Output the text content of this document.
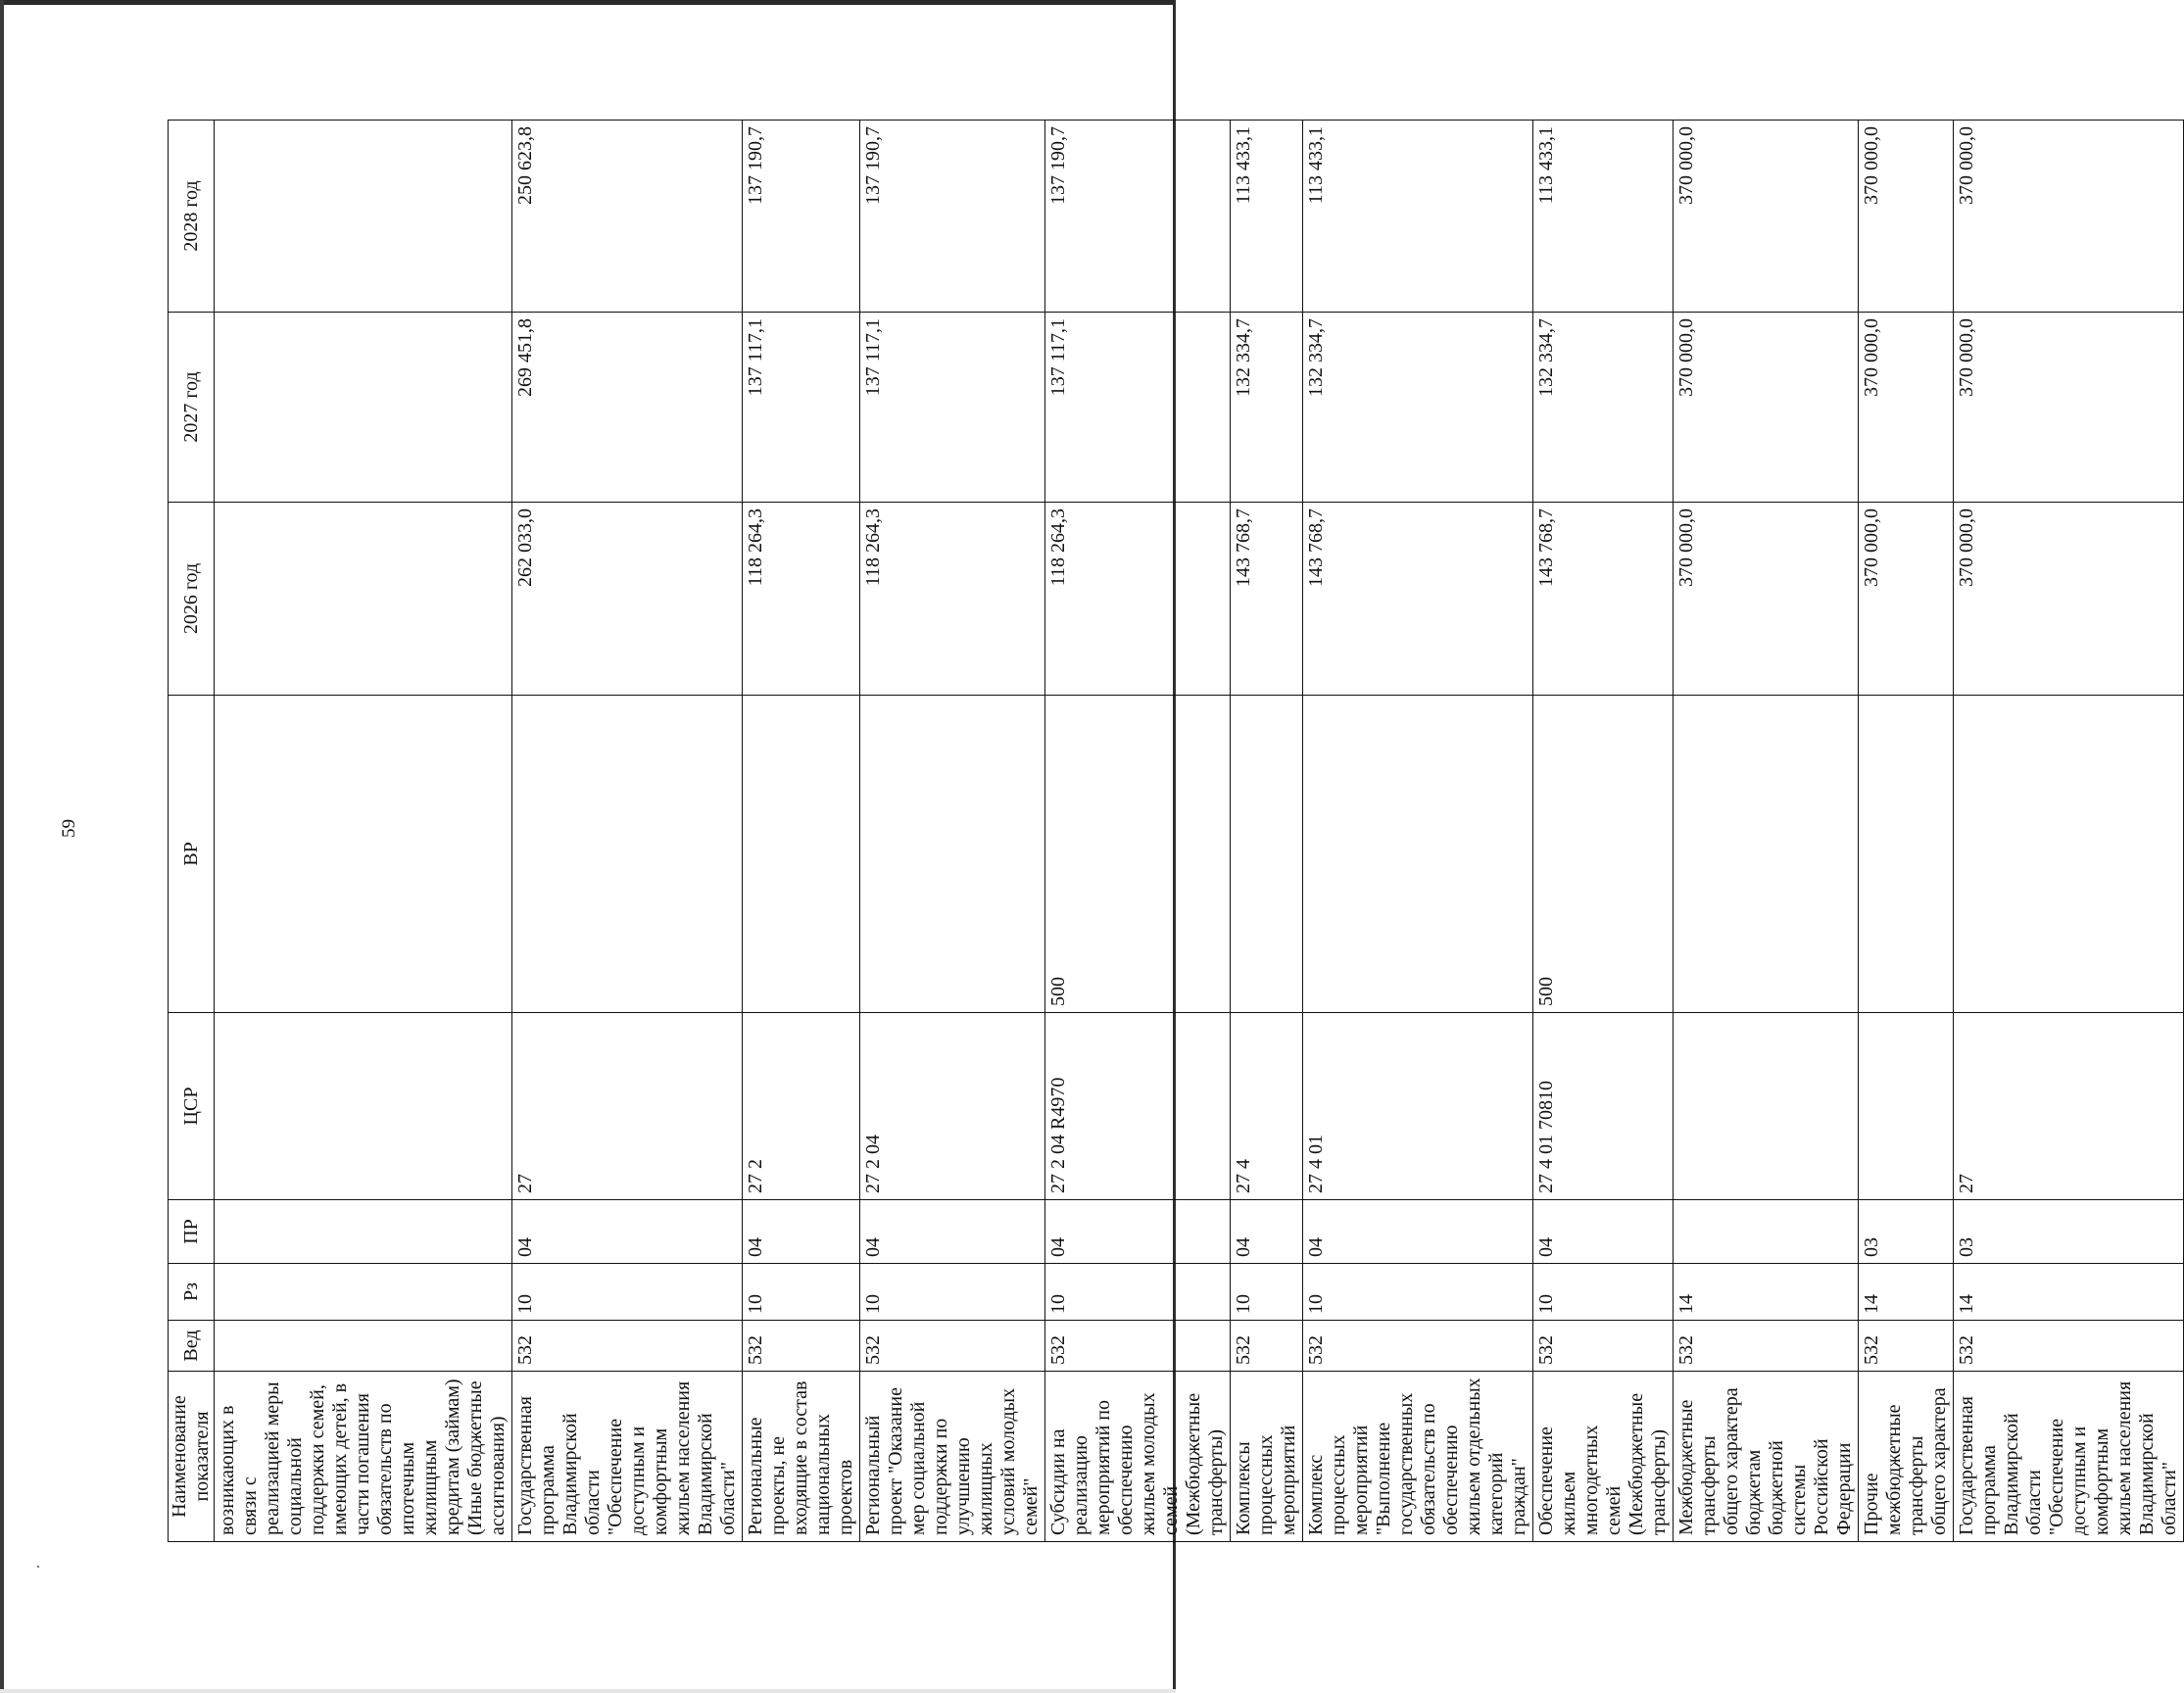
59
Наименование показателя	Вед	Рз	ПР	ЦСР	ВР	2026 год	2027 год	2028 год
возникающих в связи с реализацией меры социальной поддержки семей, имеющих детей, в части погашения обязательств по ипотечным жилищным кредитам (займам) (Иные бюджетные ассигнования)								
Государственная программа Владимирской области "Обеспечение доступным и комфортным жильем населения Владимирской области"	532	10	04	27		262 033,0	269 451,8	250 623,8
Региональные проекты, не входящие в состав национальных проектов	532	10	04	27 2		118 264,3	137 117,1	137 190,7
Региональный проект "Оказание мер социальной поддержки по улучшению жилищных условий молодых семей"	532	10	04	27 2 04		118 264,3	137 117,1	137 190,7
Субсидии на реализацию мероприятий по обеспечению жильем молодых семей (Межбюджетные трансферты)	532	10	04	27 2 04 R4970	500	118 264,3	137 117,1	137 190,7
Комплексы процессных мероприятий	532	10	04	27 4		143 768,7	132 334,7	113 433,1
Комплекс процессных мероприятий "Выполнение государственных обязательств по обеспечению жильем отдельных категорий граждан"	532	10	04	27 4 01		143 768,7	132 334,7	113 433,1
Обеспечение жильем многодетных семей (Межбюджетные трансферты)	532	10	04	27 4 01 70810	500	143 768,7	132 334,7	113 433,1
Межбюджетные трансферты общего характера бюджетам бюджетной системы Российской Федерации	532	14				370 000,0	370 000,0	370 000,0
Прочие межбюджетные трансферты общего характера	532	14	03			370 000,0	370 000,0	370 000,0
Государственная программа Владимирской области "Обеспечение доступным и комфортным жильем населения Владимирской области"	532	14	03	27		370 000,0	370 000,0	370 000,0
